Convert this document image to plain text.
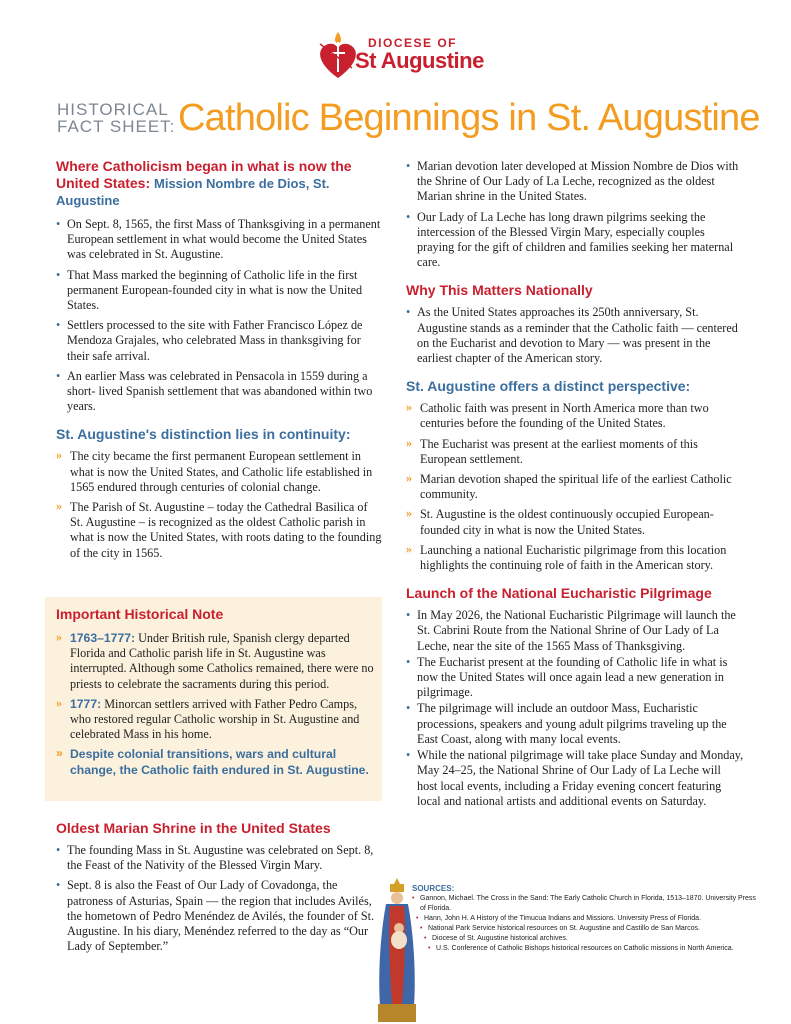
DIOCESE OF
St Augustine
HISTORICAL
FACT SHEET: Catholic Beginnings in St. Augustine
Where Catholicism began in what is now the
United States: Mission Nombre de Dios, St. Augustine
• On Sept. 8, 1565, the first Mass of Thanksgiving in a permanent European settlement in what would become the United States was celebrated in St. Augustine.
• That Mass marked the beginning of Catholic life in the first permanent European-founded city in what is now the United States.
• Settlers processed to the site with Father Francisco López de Mendoza Grajales, who celebrated Mass in thanksgiving for their safe arrival.
• An earlier Mass was celebrated in Pensacola in 1559 during a short- lived Spanish settlement that was abandoned within two years.
St. Augustine's distinction lies in continuity:
» The city became the first permanent European settlement in what is now the United States, and Catholic life established in 1565 endured through centuries of colonial change.
» The Parish of St. Augustine – today the Cathedral Basilica of St. Augustine – is recognized as the oldest Catholic parish in what is now the United States, with roots dating to the founding of the city in 1565.
Important Historical Note
» 1763–1777: Under British rule, Spanish clergy departed Florida and Catholic parish life in St. Augustine was interrupted. Although some Catholics remained, there were no priests to celebrate the sacraments during this period.
» 1777: Minorcan settlers arrived with Father Pedro Camps, who restored regular Catholic worship in St. Augustine and celebrated Mass in his home.
» Despite colonial transitions, wars and cultural change, the Catholic faith endured in St. Augustine.
Oldest Marian Shrine in the United States
• The founding Mass in St. Augustine was celebrated on Sept. 8, the Feast of the Nativity of the Blessed Virgin Mary.
• Sept. 8 is also the Feast of Our Lady of Covadonga, the patroness of Asturias, Spain — the region that includes Avilés, the hometown of Pedro Menéndez de Avilés, the founder of St. Augustine. In his diary, Menéndez referred to the day as “Our Lady of September.”
• Marian devotion later developed at Mission Nombre de Dios with the Shrine of Our Lady of La Leche, recognized as the oldest Marian shrine in the United States.
• Our Lady of La Leche has long drawn pilgrims seeking the intercession of the Blessed Virgin Mary, especially couples praying for the gift of children and families seeking her maternal care.
Why This Matters Nationally
• As the United States approaches its 250th anniversary, St. Augustine stands as a reminder that the Catholic faith — centered on the Eucharist and devotion to Mary — was present in the earliest chapter of the American story.
St. Augustine offers a distinct perspective:
» Catholic faith was present in North America more than two centuries before the founding of the United States.
» The Eucharist was present at the earliest moments of this European settlement.
» Marian devotion shaped the spiritual life of the earliest Catholic community.
» St. Augustine is the oldest continuously occupied European-founded city in what is now the United States.
» Launching a national Eucharistic pilgrimage from this location highlights the continuing role of faith in the American story.
Launch of the National Eucharistic Pilgrimage
• In May 2026, the National Eucharistic Pilgrimage will launch the St. Cabrini Route from the National Shrine of Our Lady of La Leche, near the site of the 1565 Mass of Thanksgiving.
• The Eucharist present at the founding of Catholic life in what is now the United States will once again lead a new generation in pilgrimage.
• The pilgrimage will include an outdoor Mass, Eucharistic processions, speakers and young adult pilgrims traveling up the East Coast, along with many local events.
• While the national pilgrimage will take place Sunday and Monday, May 24–25, the National Shrine of Our Lady of La Leche will host local events, including a Friday evening concert featuring local and national artists and additional events on Saturday.
SOURCES:
• Gannon, Michael. The Cross in the Sand: The Early Catholic Church in Florida, 1513–1870. University Press of Florida.
• Hann, John H. A History of the Timucua Indians and Missions. University Press of Florida.
• National Park Service historical resources on St. Augustine and Castillo de San Marcos.
• Diocese of St. Augustine historical archives.
• U.S. Conference of Catholic Bishops historical resources on Catholic missions in North America.
